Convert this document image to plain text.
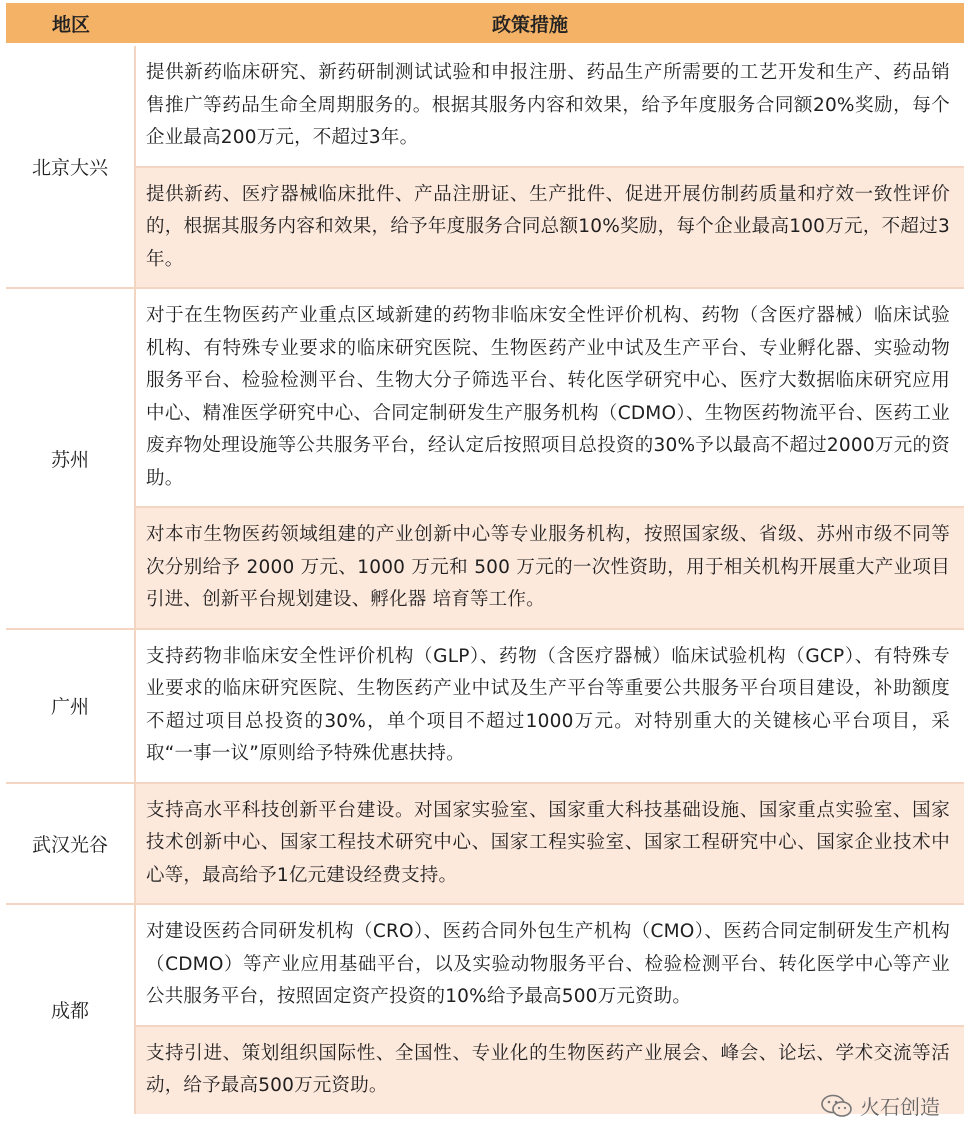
地区	政策措施
北京大兴
提供新药临床研究、新药研制测试试验和申报注册、药品生产所需要的工艺开发和生产、药品销售推广等药品生命全周期服务的。根据其服务内容和效果，给予年度服务合同额20%奖励，每个企业最高200万元，不超过3年。
提供新药、医疗器械临床批件、产品注册证、生产批件、促进开展仿制药质量和疗效一致性评价的，根据其服务内容和效果，给予年度服务合同总额10%奖励，每个企业最高100万元，不超过3年。
苏州
对于在生物医药产业重点区域新建的药物非临床安全性评价机构、药物（含医疗器械）临床试验机构、有特殊专业要求的临床研究医院、生物医药产业中试及生产平台、专业孵化器、实验动物服务平台、检验检测平台、生物大分子筛选平台、转化医学研究中心、医疗大数据临床研究应用中心、精准医学研究中心、合同定制研发生产服务机构（CDMO）、生物医药物流平台、医药工业废弃物处理设施等公共服务平台，经认定后按照项目总投资的30%予以最高不超过2000万元的资助。
对本市生物医药领域组建的产业创新中心等专业服务机构，按照国家级、省级、苏州市级不同等次分别给予 2000 万元、1000 万元和 500 万元的一次性资助，用于相关机构开展重大产业项目引进、创新平台规划建设、孵化器 培育等工作。
广州
支持药物非临床安全性评价机构（GLP）、药物（含医疗器械）临床试验机构（GCP）、有特殊专业要求的临床研究医院、生物医药产业中试及生产平台等重要公共服务平台项目建设，补助额度不超过项目总投资的30%，单个项目不超过1000万元。对特别重大的关键核心平台项目，采取“一事一议”原则给予特殊优惠扶持。
武汉光谷
支持高水平科技创新平台建设。对国家实验室、国家重大科技基础设施、国家重点实验室、国家技术创新中心、国家工程技术研究中心、国家工程实验室、国家工程研究中心、国家企业技术中心等，最高给予1亿元建设经费支持。
成都
对建设医药合同研发机构（CRO）、医药合同外包生产机构（CMO）、医药合同定制研发生产机构（CDMO）等产业应用基础平台，以及实验动物服务平台、检验检测平台、转化医学中心等产业公共服务平台，按照固定资产投资的10%给予最高500万元资助。
支持引进、策划组织国际性、全国性、专业化的生物医药产业展会、峰会、论坛、学术交流等活动，给予最高500万元资助。
火石创造
